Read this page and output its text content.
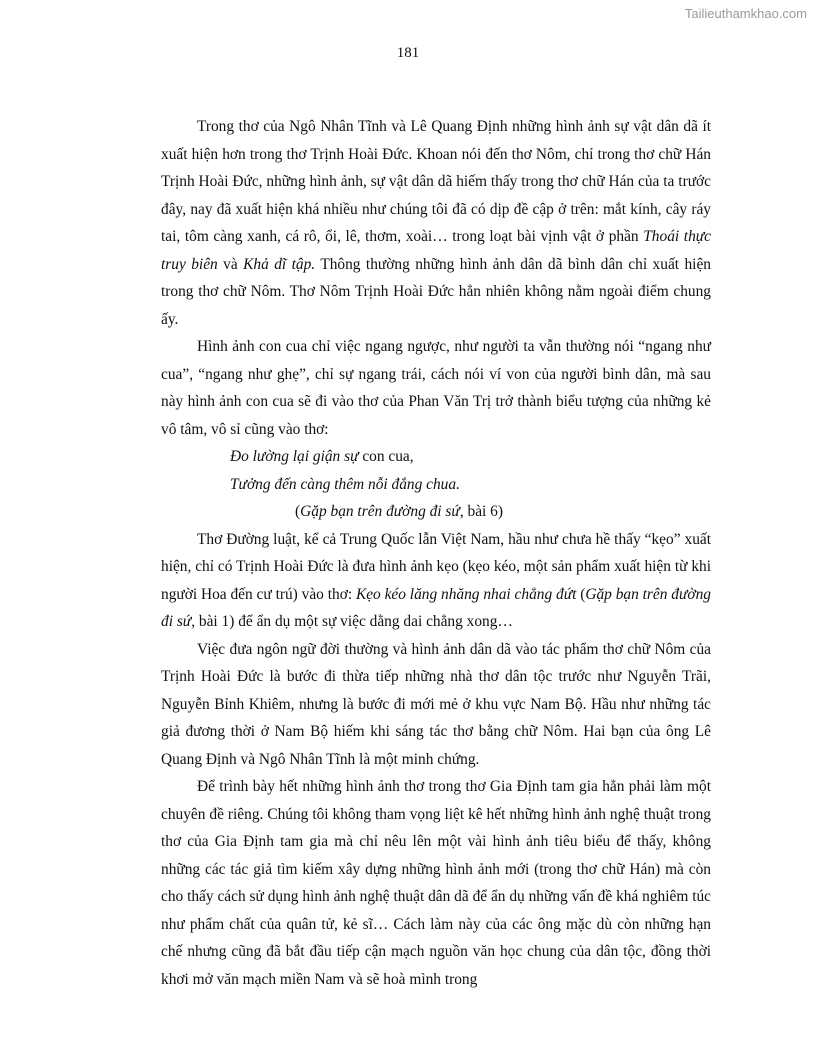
Tailieuthamkhao.com
181

Trong thơ của Ngô Nhân Tĩnh và Lê Quang Định những hình ảnh sự vật dân dã ít xuất hiện hơn trong thơ Trịnh Hoài Đức. Khoan nói đến thơ Nôm, chỉ trong thơ chữ Hán Trịnh Hoài Đức, những hình ảnh, sự vật dân dã hiếm thấy trong thơ chữ Hán của ta trước đây, nay đã xuất hiện khá nhiều như chúng tôi đã có dịp đề cập ở trên: mắt kính, cây ráy tai, tôm càng xanh, cá rô, ổi, lê, thơm, xoài… trong loạt bài vịnh vật ở phần Thoái thực truy biên và Khả dĩ tập. Thông thường những hình ảnh dân dã bình dân chỉ xuất hiện trong thơ chữ Nôm. Thơ Nôm Trịnh Hoài Đức hẳn nhiên không nằm ngoài điểm chung ấy.

Hình ảnh con cua chỉ việc ngang ngược, như người ta vẫn thường nói “ngang như cua”, “ngang như ghẹ”, chỉ sự ngang trái, cách nói ví von của người bình dân, mà sau này hình ảnh con cua sẽ đi vào thơ của Phan Văn Trị trở thành biểu tượng của những kẻ vô tâm, vô sỉ cũng vào thơ:

Đo lường lại giận sự con cua,

Tưởng đến càng thêm nỗi đắng chua.

(Gặp bạn trên đường đi sứ, bài 6)

Thơ Đường luật, kể cả Trung Quốc lẫn Việt Nam, hầu như chưa hề thấy “kẹo” xuất hiện, chỉ có Trịnh Hoài Đức là đưa hình ảnh kẹo (kẹo kéo, một sản phẩm xuất hiện từ khi người Hoa đến cư trú) vào thơ: Kẹo kéo lăng nhăng nhai chẳng đứt (Gặp bạn trên đường đi sứ, bài 1) để ẩn dụ một sự việc dằng dai chẳng xong…

Việc đưa ngôn ngữ đời thường và hình ảnh dân dã vào tác phẩm thơ chữ Nôm của Trịnh Hoài Đức là bước đi thừa tiếp những nhà thơ dân tộc trước như Nguyễn Trãi, Nguyễn Bỉnh Khiêm, nhưng là bước đi mới mẻ ở khu vực Nam Bộ. Hầu như những tác giả đương thời ở Nam Bộ hiếm khi sáng tác thơ bằng chữ Nôm. Hai bạn của ông Lê Quang Định và Ngô Nhân Tĩnh là một minh chứng.

Để trình bày hết những hình ảnh thơ trong thơ Gia Định tam gia hẳn phải làm một chuyên đề riêng. Chúng tôi không tham vọng liệt kê hết những hình ảnh nghệ thuật trong thơ của Gia Định tam gia mà chỉ nêu lên một vài hình ảnh tiêu biểu để thấy, không những các tác giả tìm kiếm xây dựng những hình ảnh mới (trong thơ chữ Hán) mà còn cho thấy cách sử dụng hình ảnh nghệ thuật dân dã để ẩn dụ những vấn đề khá nghiêm túc như phẩm chất của quân tử, kẻ sĩ… Cách làm này của các ông mặc dù còn những hạn chế nhưng cũng đã bắt đầu tiếp cận mạch nguồn văn học chung của dân tộc, đồng thời khơi mở văn mạch miền Nam và sẽ hoà mình trong
